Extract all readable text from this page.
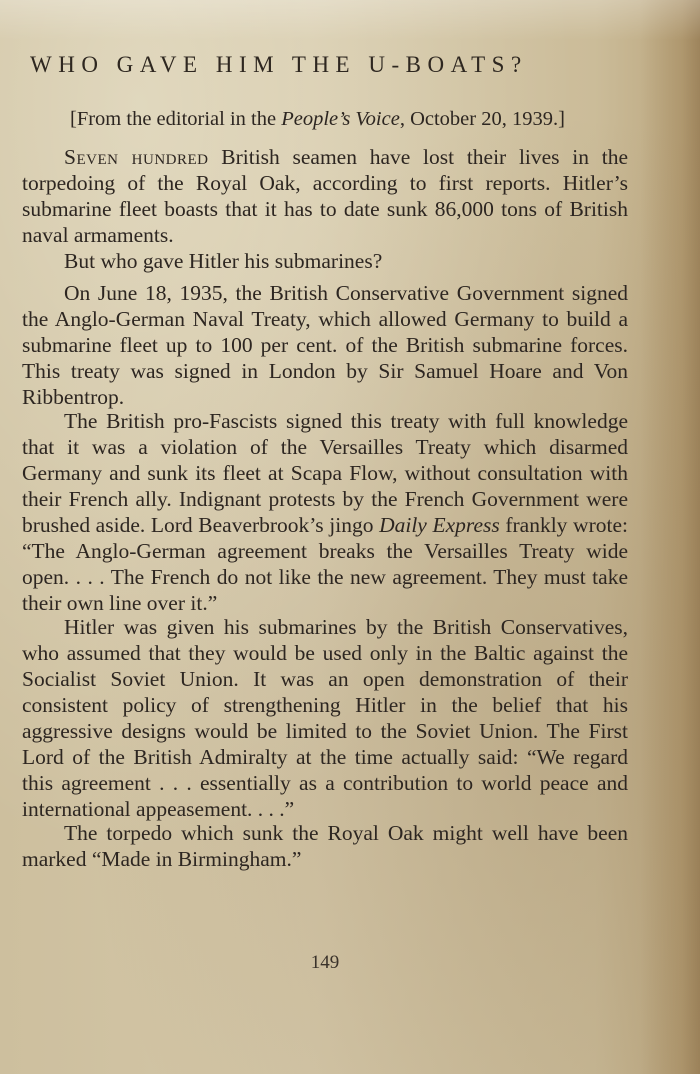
WHO GAVE HIM THE U-BOATS?

[From the editorial in the People’s Voice, October 20, 1939.]

Seven hundred British seamen have lost their lives in the torpedoing of the Royal Oak, according to first reports. Hitler’s submarine fleet boasts that it has to date sunk 86,000 tons of British naval armaments.

But who gave Hitler his submarines?

On June 18, 1935, the British Conservative Government signed the Anglo-German Naval Treaty, which allowed Germany to build a submarine fleet up to 100 per cent. of the British submarine forces. This treaty was signed in London by Sir Samuel Hoare and Von Ribbentrop.

The British pro-Fascists signed this treaty with full knowledge that it was a violation of the Versailles Treaty which disarmed Germany and sunk its fleet at Scapa Flow, without consultation with their French ally. Indignant protests by the French Government were brushed aside. Lord Beaverbrook’s jingo Daily Express frankly wrote: “The Anglo-German agreement breaks the Versailles Treaty wide open. . . . The French do not like the new agreement. They must take their own line over it.”

Hitler was given his submarines by the British Conservatives, who assumed that they would be used only in the Baltic against the Socialist Soviet Union. It was an open demonstration of their consistent policy of strengthening Hitler in the belief that his aggressive designs would be limited to the Soviet Union. The First Lord of the British Admiralty at the time actually said: “We regard this agreement . . . essentially as a contribution to world peace and international appeasement. . . .”

The torpedo which sunk the Royal Oak might well have been marked “Made in Birmingham.”

149
